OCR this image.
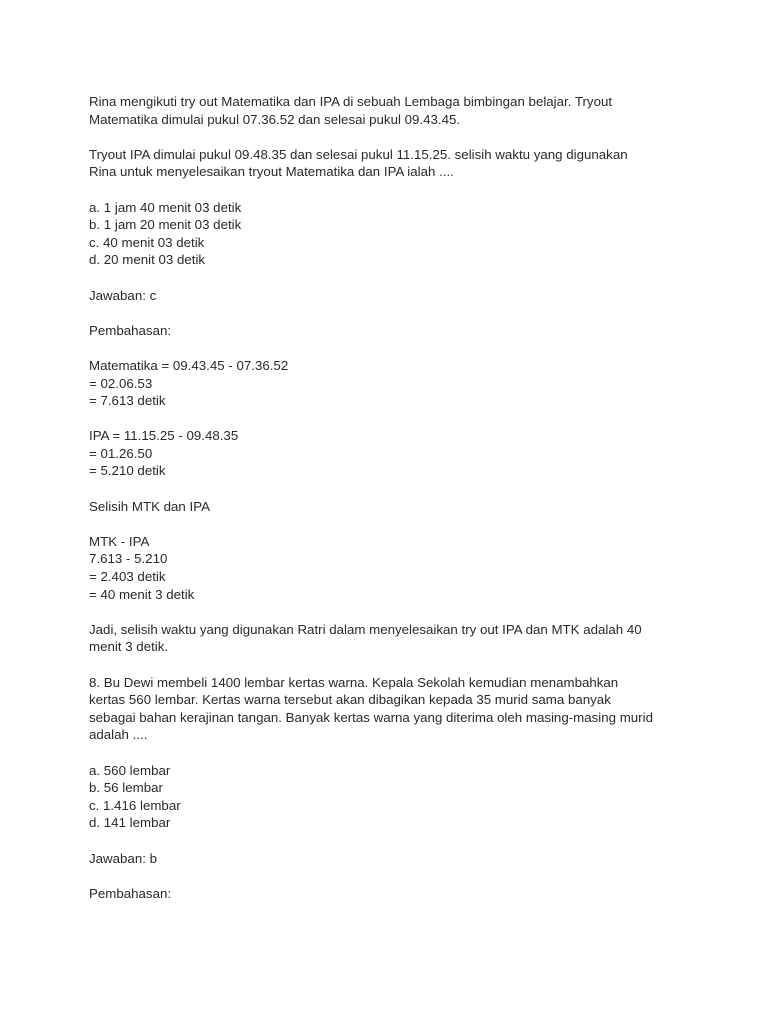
Rina mengikuti try out Matematika dan IPA di sebuah Lembaga bimbingan belajar. Tryout
Matematika dimulai pukul 07.36.52 dan selesai pukul 09.43.45.

Tryout IPA dimulai pukul 09.48.35 dan selesai pukul 11.15.25. selisih waktu yang digunakan
Rina untuk menyelesaikan tryout Matematika dan IPA ialah ....

a. 1 jam 40 menit 03 detik
b. 1 jam 20 menit 03 detik
c. 40 menit 03 detik
d. 20 menit 03 detik

Jawaban: c

Pembahasan:

Matematika = 09.43.45 - 07.36.52
= 02.06.53
= 7.613 detik

IPA = 11.15.25 - 09.48.35
= 01.26.50
= 5.210 detik

Selisih MTK dan IPA

MTK - IPA
7.613 - 5.210
= 2.403 detik
= 40 menit 3 detik

Jadi, selisih waktu yang digunakan Ratri dalam menyelesaikan try out IPA dan MTK adalah 40
menit 3 detik.

8. Bu Dewi membeli 1400 lembar kertas warna. Kepala Sekolah kemudian menambahkan
kertas 560 lembar. Kertas warna tersebut akan dibagikan kepada 35 murid sama banyak
sebagai bahan kerajinan tangan. Banyak kertas warna yang diterima oleh masing-masing murid
adalah ....

a. 560 lembar
b. 56 lembar
c. 1.416 lembar
d. 141 lembar

Jawaban: b

Pembahasan:
